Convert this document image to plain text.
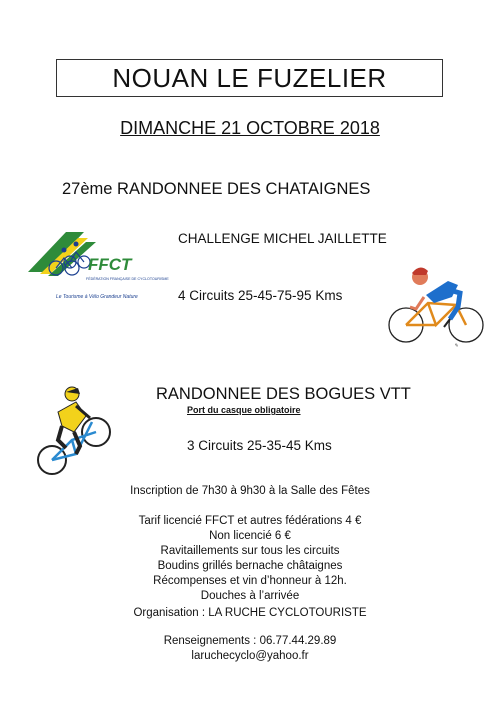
NOUAN LE FUZELIER
DIMANCHE 21 OCTOBRE 2018
27ème RANDONNEE DES CHATAIGNES
FFCT
FÉDÉRATION FRANÇAISE DE CYCLOTOURISME
Le Tourisme à Vélo Grandeur Nature
CHALLENGE MICHEL JAILLETTE
4 Circuits 25-45-75-95 Kms
✎
RANDONNEE DES BOGUES VTT
Port du casque obligatoire
3 Circuits 25-35-45 Kms
Inscription de 7h30 à 9h30 à la Salle des Fêtes
Tarif licencié FFCT et autres fédérations 4 €
Non licencié 6 €
Ravitaillements sur tous les circuits
Boudins grillés bernache châtaignes
Récompenses et vin d’honneur à 12h.
Douches à l’arrivée
Organisation : LA RUCHE CYCLOTOURISTE
Renseignements : 06.77.44.29.89
laruchecyclo@yahoo.fr
